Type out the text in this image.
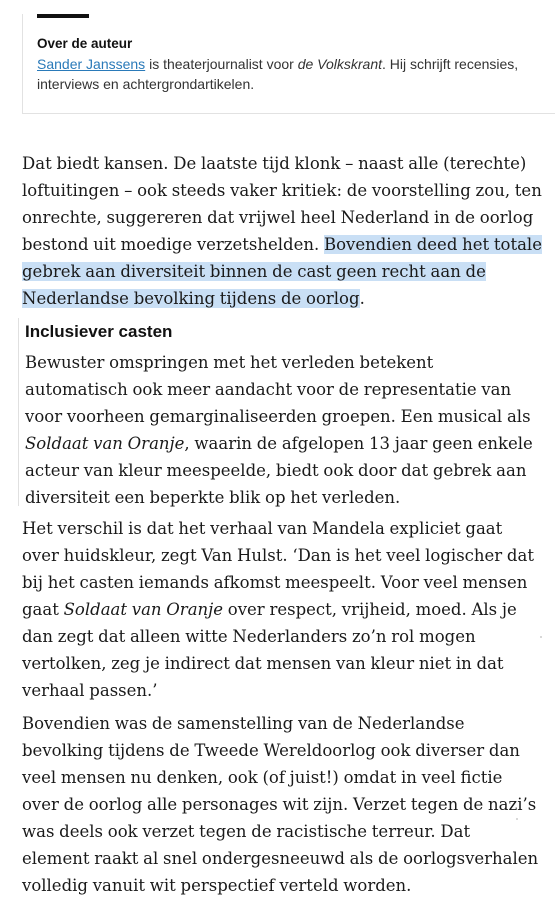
Over de auteur

Sander Janssens is theaterjournalist voor de Volkskrant. Hij schrijft recensies, interviews en achtergrondartikelen.

Dat biedt kansen. De laatste tijd klonk – naast alle (terechte) loftuitingen – ook steeds vaker kritiek: de voorstelling zou, ten onrechte, suggereren dat vrijwel heel Nederland in de oorlog bestond uit moedige verzetshelden. Bovendien deed het totale gebrek aan diversiteit binnen de cast geen recht aan de Nederlandse bevolking tijdens de oorlog.

Inclusiever casten

Bewuster omspringen met het verleden betekent automatisch ook meer aandacht voor de representatie van voor voorheen gemarginaliseerden groepen. Een musical als Soldaat van Oranje, waarin de afgelopen 13 jaar geen enkele acteur van kleur meespeelde, biedt ook door dat gebrek aan diversiteit een beperkte blik op het verleden.

Het verschil is dat het verhaal van Mandela expliciet gaat over huidskleur, zegt Van Hulst. ‘Dan is het veel logischer dat bij het casten iemands afkomst meespeelt. Voor veel mensen gaat Soldaat van Oranje over respect, vrijheid, moed. Als je dan zegt dat alleen witte Nederlanders zo’n rol mogen vertolken, zeg je indirect dat mensen van kleur niet in dat verhaal passen.’

Bovendien was de samenstelling van de Nederlandse bevolking tijdens de Tweede Wereldoorlog ook diverser dan veel mensen nu denken, ook (of juist!) omdat in veel fictie over de oorlog alle personages wit zijn. Verzet tegen de nazi’s was deels ook verzet tegen de racistische terreur. Dat element raakt al snel ondergesneeuwd als de oorlogsverhalen volledig vanuit wit perspectief verteld worden.
